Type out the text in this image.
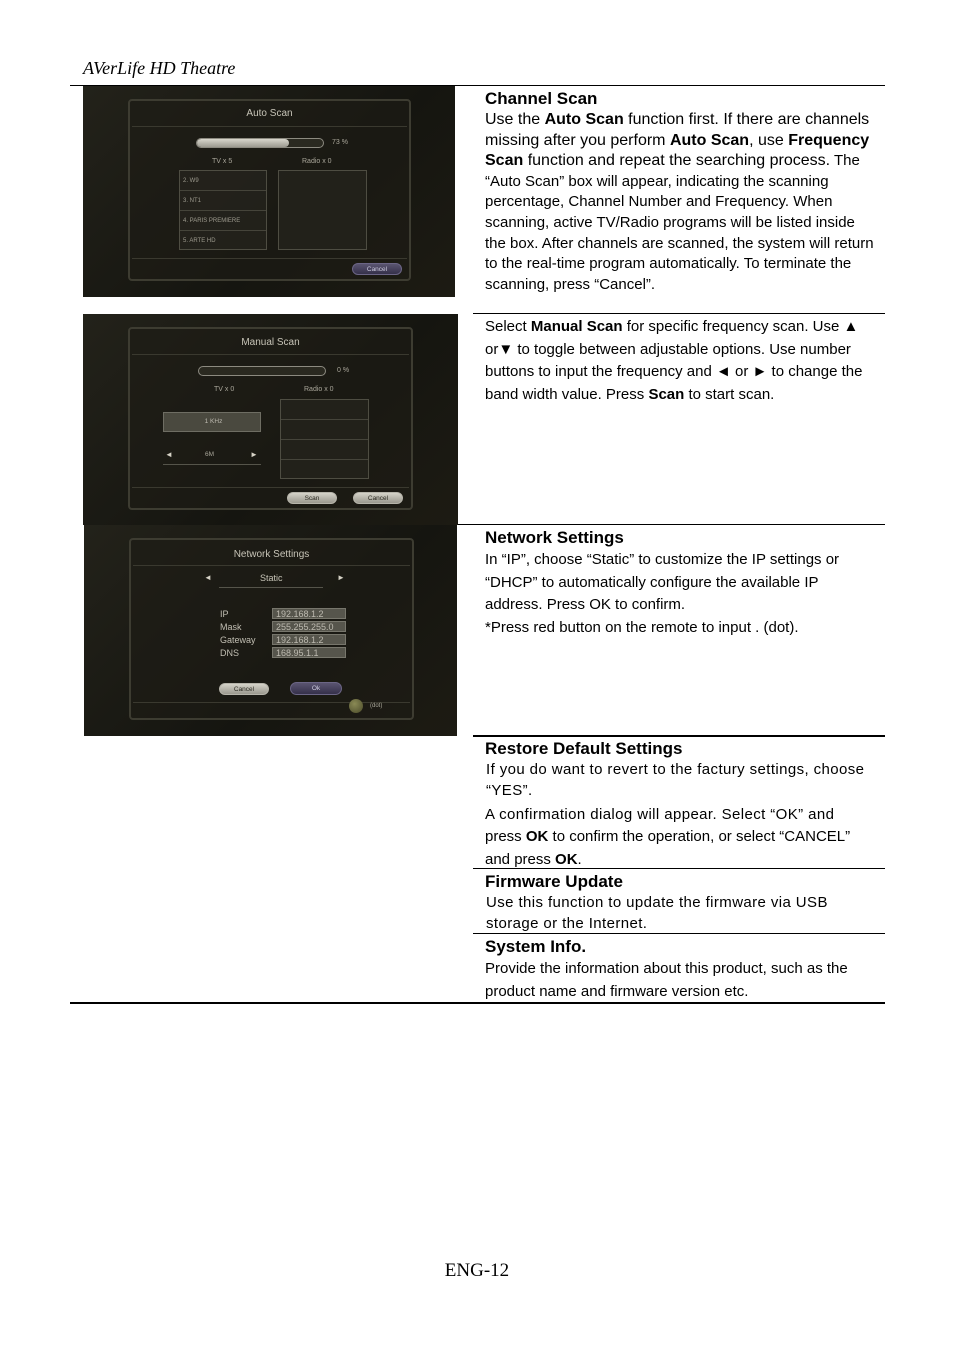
AVerLife HD Theatre
Auto Scan
73 %
TV x 5	Radio x 0
2. W9
3. NT1
4. PARIS PREMIERE
5. ARTE HD
Cancel
Manual Scan
0 %
TV x 0	Radio x 0
1 KHz
◄	6M	►
Scan	Cancel
Network Settings
◄	Static	►
IP	192.168.1.2
Mask	255.255.255.0
Gateway	192.168.1.2
DNS	168.95.1.1
Cancel	Ok
(dot)
Channel Scan

Use the Auto Scan function first. If there are channels missing after you perform Auto Scan, use Frequency Scan function and repeat the searching process. The “Auto Scan” box will appear, indicating the scanning percentage, Channel Number and Frequency. When scanning, active TV/Radio programs will be listed inside the box. After channels are scanned, the system will return to the real-time program automatically. To terminate the scanning, press “Cancel”.

Select Manual Scan for specific frequency scan. Use ▲ or▼ to toggle between adjustable options. Use number buttons to input the frequency and ◄ or ► to change the band width value. Press Scan to start scan.

Network Settings

In “IP”, choose “Static” to customize the IP settings or “DHCP” to automatically configure the available IP address. Press OK to confirm.

*Press red button on the remote to input . (dot).

Restore Default Settings

If you do want to revert to the factury settings, choose “YES”.

A confirmation dialog will appear. Select “OK” and

press OK to confirm the operation, or select “CANCEL” and press OK.

Firmware Update

Use this function to update the firmware via USB storage or the Internet.

System Info.

Provide the information about this product, such as the product name and firmware version etc.

ENG-12
